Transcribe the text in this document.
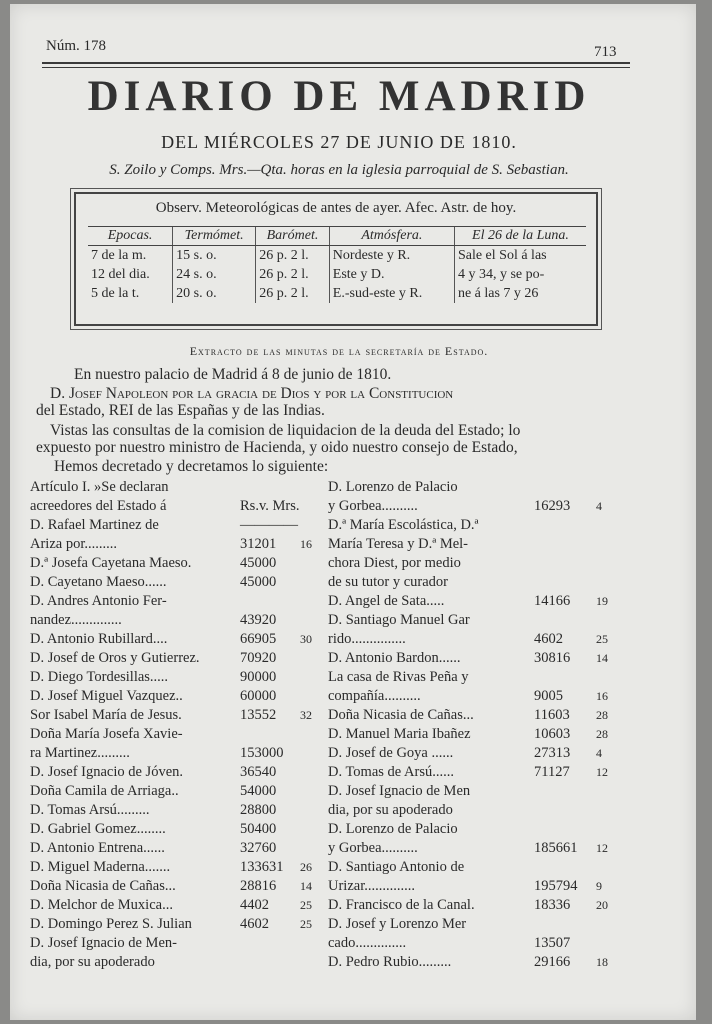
Núm. 178	713
DIARIO DE MADRID
DEL MIÉRCOLES 27 DE JUNIO DE 1810.
S. Zoilo y Comps. Mrs.—Qta. horas en la iglesia parroquial de S. Sebastian.
Observ. Meteorológicas de antes de ayer. Afec. Astr. de hoy.
Epocas.	Termómet.	Barómet.	Atmósfera.	El 26 de la Luna.
7 de la m.	15 s. o.	26 p. 2 l.	Nordeste y R.	Sale el Sol á las
12 del dia.	24 s. o.	26 p. 2 l.	Este y D.	4 y 34, y se po-
5 de la t.	20 s. o.	26 p. 2 l.	E.-sud-este y R.	ne á las 7 y 26
Extracto de las minutas de la secretaría de Estado.
En nuestro palacio de Madrid á 8 de junio de 1810.
D. Josef Napoleon por la gracia de Dios y por la Constitucion
del Estado, REI de las Españas y de las Indias.
Vistas las consultas de la comision de liquidacion de la deuda del Estado; lo
expuesto por nuestro ministro de Hacienda, y oido nuestro consejo de Estado,
Hemos decretado y decretamos lo siguiente:
Artículo I. »Se declaran
acreedores del Estado á	Rs.v. Mrs.
D. Rafael Martinez de	————
Ariza por.........	31201 16
D.ª Josefa Cayetana Maeso.	45000
D. Cayetano Maeso......	45000
D. Andres Antonio Fer-
nandez..............	43920
D. Antonio Rubillard....	66905 30
D. Josef de Oros y Gutierrez.	70920
D. Diego Tordesillas.....	90000
D. Josef Miguel Vazquez..	60000
Sor Isabel María de Jesus.	13552 32
Doña María Josefa Xavie-
ra Martinez.........	153000
D. Josef Ignacio de Jóven.	36540
Doña Camila de Arriaga..	54000
D. Tomas Arsú.........	28800
D. Gabriel Gomez........	50400
D. Antonio Entrena......	32760
D. Miguel Maderna.......	133631 26
Doña Nicasia de Cañas...	28816 14
D. Melchor de Muxica...	4402	25
D. Domingo Perez S. Julian	4602	25
D. Josef Ignacio de Men-
dia, por su apoderado
D. Lorenzo de Palacio
y Gorbea..........	16293 4
D.ª María Escolástica, D.ª
María Teresa y D.ª Mel-
chora Diest, por medio
de su tutor y curador
D. Angel de Sata.....	14166 19
D. Santiago Manuel Gar
rido...............	4602	25
D. Antonio Bardon......	30816 14
La casa de Rivas Peña y
compañía..........	9005	16
Doña Nicasia de Cañas...	11603 28
D. Manuel Maria Ibañez	10603 28
D. Josef de Goya ......	27313 4
D. Tomas de Arsú......	71127 12
D. Josef Ignacio de Men
dia, por su apoderado
D. Lorenzo de Palacio
y Gorbea..........	185661 12
D. Santiago Antonio de
Urizar..............	195794 9
D. Francisco de la Canal.	18336 20
D. Josef y Lorenzo Mer
cado..............	13507
D. Pedro Rubio.........	29166 18
